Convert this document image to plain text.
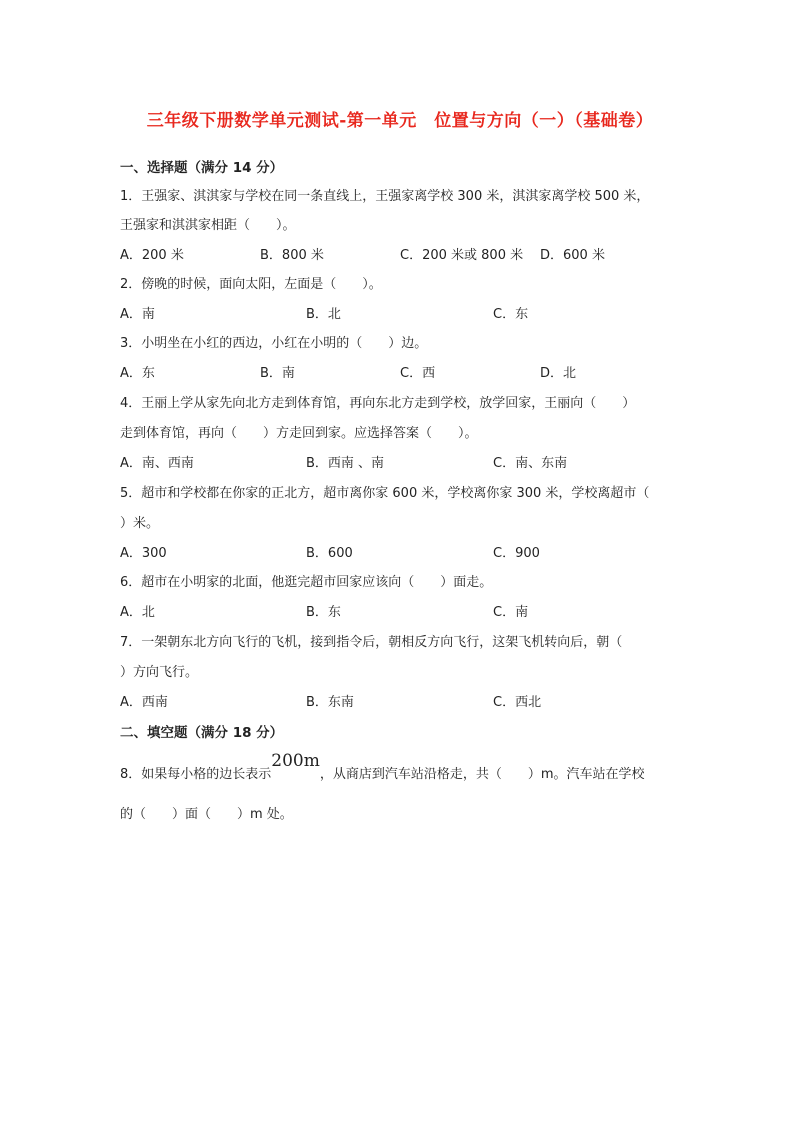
三年级下册数学单元测试-第一单元　位置与方向（一）（基础卷）
一、选择题（满分 14 分）
1．王强家、淇淇家与学校在同一条直线上，王强家离学校 300 米，淇淇家离学校 500 米，
王强家和淇淇家相距（　　）。
A．200 米	B．800 米	C．200 米或 800 米 D．600 米
2．傍晚的时候，面向太阳，左面是（　　）。
A．南	B．北	C．东
3．小明坐在小红的西边，小红在小明的（　　）边。
A．东	B．南	C．西	D．北
4．王丽上学从家先向北方走到体育馆，再向东北方走到学校，放学回家，王丽向（　　）
走到体育馆，再向（　　）方走回到家。应选择答案（　　）。
A．南、西南	B．西南 、南	C．南、东南
5．超市和学校都在你家的正北方，超市离你家 600 米，学校离你家 300 米，学校离超市（
）米。
A．300	B．600	C．900
6．超市在小明家的北面，他逛完超市回家应该向（　　）面走。
A．北	B．东	C．南
7．一架朝东北方向飞行的飞机，接到指令后，朝相反方向飞行，这架飞机转向后，朝（
）方向飞行。
A．西南	B．东南	C．西北
二、填空题（满分 18 分）
8．如果每小格的边长表示200m，从商店到汽车站沿格走，共（　　）m。汽车站在学校
的（　　）面（　　）m 处。
